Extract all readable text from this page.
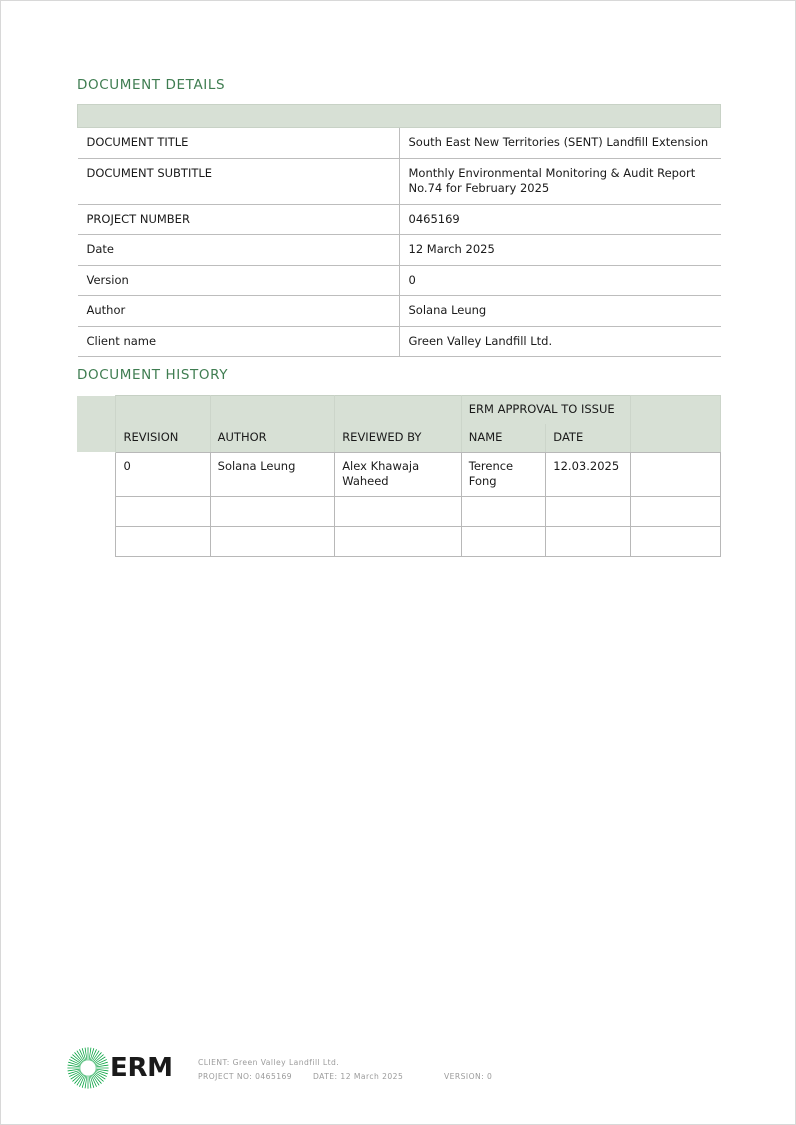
DOCUMENT DETAILS

DOCUMENT TITLE	South East New Territories (SENT) Landfill Extension
DOCUMENT SUBTITLE	Monthly Environmental Monitoring & Audit Report No.74 for February 2025
PROJECT NUMBER	0465169
Date	12 March 2025
Version	0
Author	Solana Leung
Client name	Green Valley Landfill Ltd.
DOCUMENT HISTORY
				ERM APPROVAL TO ISSUE		
	REVISION	AUTHOR	REVIEWED BY	NAME	DATE	
	0	Solana Leung	Alex Khawaja Waheed	Terence Fong	12.03.2025	

ERM	CLIENT: Green Valley Landfill Ltd.
PROJECT NO: 0465169	DATE: 12 March 2025	VERSION: 0
